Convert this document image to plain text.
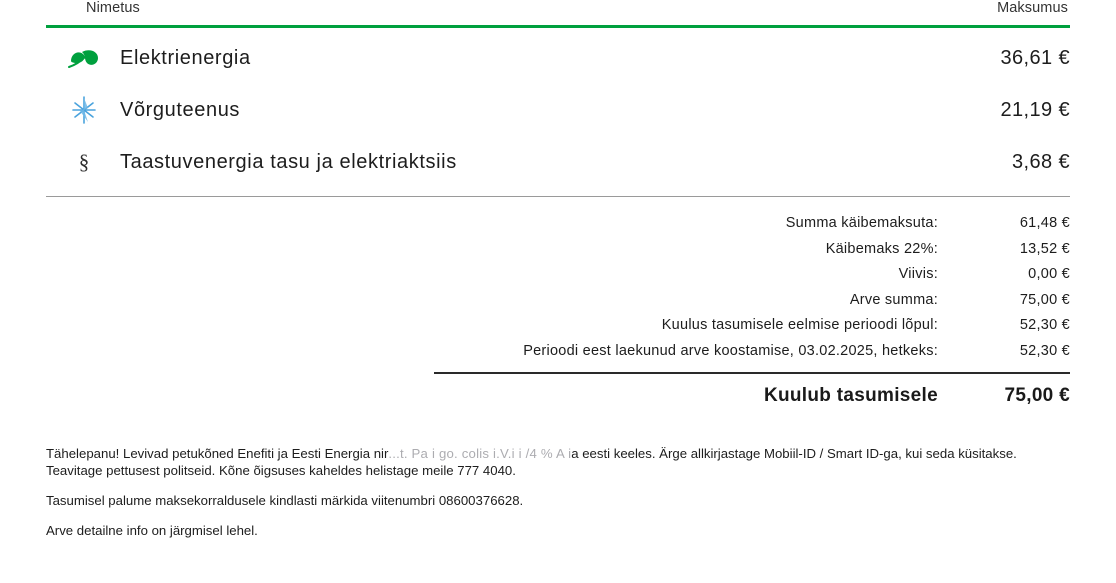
Nimetus	Maksumus
Elektrienergia	36,61 €
Võrguteenus	21,19 €
§ Taastuvenergia tasu ja elektriaktsiis	3,68 €
Summa käibemaksuta:	61,48 €
Käibemaks 22%:	13,52 €
Viivis:	0,00 €
Arve summa:	75,00 €
Kuulus tasumisele eelmise perioodi lõpul:	52,30 €
Perioodi eest laekunud arve koostamise, 03.02.2025, hetkeks:	52,30 €
Kuulub tasumisele	75,00 €

Tähelepanu! Levivad petukõned Enefiti ja Eesti Energia nir...t. Pa i go. colis i.V.i i /4 % A ia eesti keeles. Ärge allkirjastage Mobiil-ID / Smart ID-ga, kui seda küsitakse. Teavitage pettusest politseid. Kõne õigsuses kaheldes helistage meile 777 4040.

Tasumisel palume maksekorraldusele kindlasti märkida viitenumbri 08600376628.

Arve detailne info on järgmisel lehel.
